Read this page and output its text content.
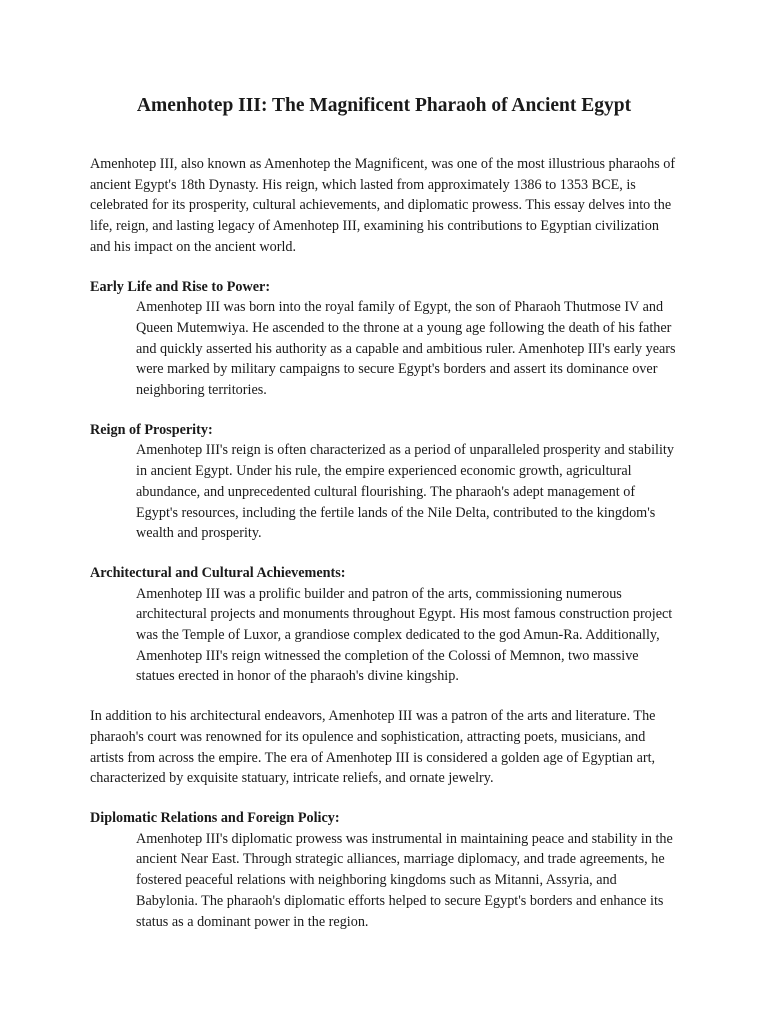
Amenhotep III: The Magnificent Pharaoh of Ancient Egypt

Amenhotep III, also known as Amenhotep the Magnificent, was one of the most illustrious pharaohs of ancient Egypt's 18th Dynasty. His reign, which lasted from approximately 1386 to 1353 BCE, is celebrated for its prosperity, cultural achievements, and diplomatic prowess. This essay delves into the life, reign, and lasting legacy of Amenhotep III, examining his contributions to Egyptian civilization and his impact on the ancient world.

Early Life and Rise to Power:

Amenhotep III was born into the royal family of Egypt, the son of Pharaoh Thutmose IV and Queen Mutemwiya. He ascended to the throne at a young age following the death of his father and quickly asserted his authority as a capable and ambitious ruler. Amenhotep III's early years were marked by military campaigns to secure Egypt's borders and assert its dominance over neighboring territories.

Reign of Prosperity:

Amenhotep III's reign is often characterized as a period of unparalleled prosperity and stability in ancient Egypt. Under his rule, the empire experienced economic growth, agricultural abundance, and unprecedented cultural flourishing. The pharaoh's adept management of Egypt's resources, including the fertile lands of the Nile Delta, contributed to the kingdom's wealth and prosperity.

Architectural and Cultural Achievements:

Amenhotep III was a prolific builder and patron of the arts, commissioning numerous architectural projects and monuments throughout Egypt. His most famous construction project was the Temple of Luxor, a grandiose complex dedicated to the god Amun-Ra. Additionally, Amenhotep III's reign witnessed the completion of the Colossi of Memnon, two massive statues erected in honor of the pharaoh's divine kingship.

In addition to his architectural endeavors, Amenhotep III was a patron of the arts and literature. The pharaoh's court was renowned for its opulence and sophistication, attracting poets, musicians, and artists from across the empire. The era of Amenhotep III is considered a golden age of Egyptian art, characterized by exquisite statuary, intricate reliefs, and ornate jewelry.

Diplomatic Relations and Foreign Policy:

Amenhotep III's diplomatic prowess was instrumental in maintaining peace and stability in the ancient Near East. Through strategic alliances, marriage diplomacy, and trade agreements, he fostered peaceful relations with neighboring kingdoms such as Mitanni, Assyria, and Babylonia. The pharaoh's diplomatic efforts helped to secure Egypt's borders and enhance its status as a dominant power in the region.
